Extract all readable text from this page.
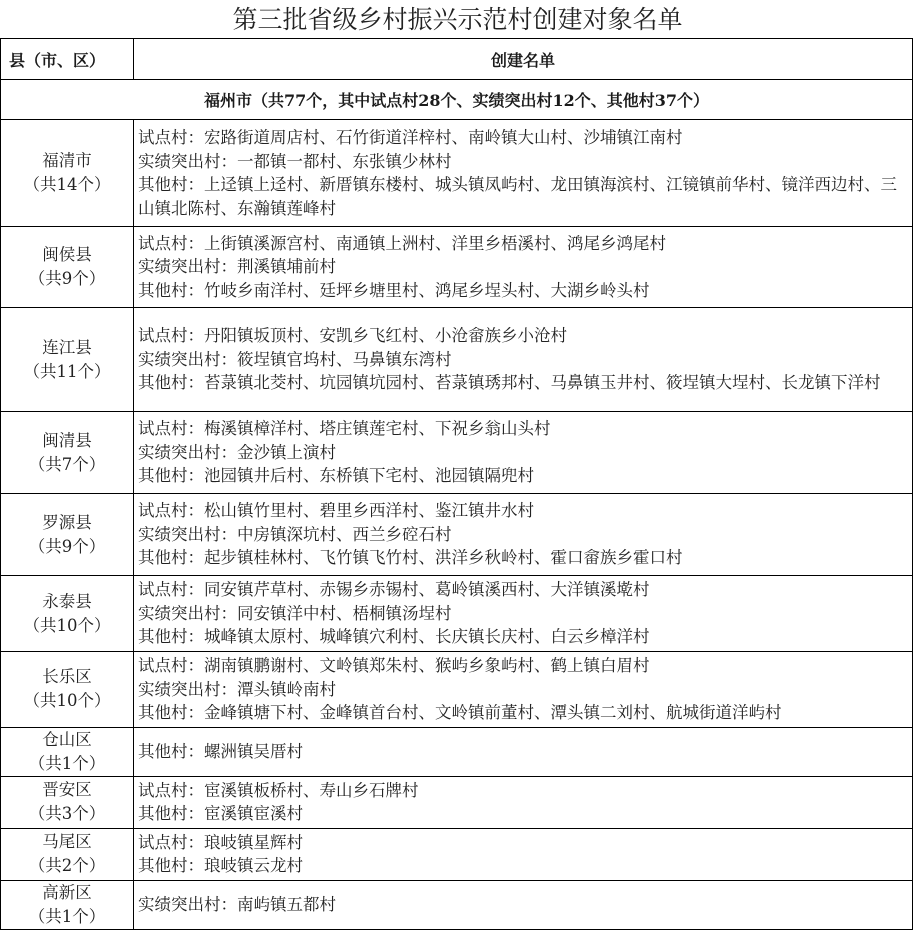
第三批省级乡村振兴示范村创建对象名单
县（市、区）	创建名单
福州市（共77个，其中试点村28个、实绩突出村12个、其他村37个）	

福清市
（共14个）	试点村：宏路街道周店村、石竹街道洋梓村、南岭镇大山村、沙埔镇江南村
实绩突出村：一都镇一都村、东张镇少林村
其他村：上迳镇上迳村、新厝镇东楼村、城头镇凤屿村、龙田镇海滨村、江镜镇前华村、镜洋西边村、三山镇北陈村、东瀚镇莲峰村

闽侯县
（共9个）	试点村：上街镇溪源宫村、南通镇上洲村、洋里乡梧溪村、鸿尾乡鸿尾村
实绩突出村：荆溪镇埔前村
其他村：竹岐乡南洋村、廷坪乡塘里村、鸿尾乡埕头村、大湖乡岭头村

连江县
（共11个）	试点村：丹阳镇坂顶村、安凯乡飞红村、小沧畲族乡小沧村
实绩突出村：筱埕镇官坞村、马鼻镇东湾村
其他村：苔菉镇北茭村、坑园镇坑园村、苔菉镇琇邦村、马鼻镇玉井村、筱埕镇大埕村、长龙镇下洋村

闽清县
（共7个）	试点村：梅溪镇樟洋村、塔庄镇莲宅村、下祝乡翁山头村
实绩突出村：金沙镇上演村
其他村：池园镇井后村、东桥镇下宅村、池园镇隔兜村

罗源县
（共9个）	试点村：松山镇竹里村、碧里乡西洋村、鉴江镇井水村
实绩突出村：中房镇深坑村、西兰乡硿石村
其他村：起步镇桂林村、飞竹镇飞竹村、洪洋乡秋岭村、霍口畲族乡霍口村

永泰县
（共10个）	试点村：同安镇芹草村、赤锡乡赤锡村、葛岭镇溪西村、大洋镇溪墘村
实绩突出村：同安镇洋中村、梧桐镇汤埕村
其他村：城峰镇太原村、城峰镇穴利村、长庆镇长庆村、白云乡樟洋村

长乐区
（共10个）	试点村：湖南镇鹏谢村、文岭镇郑朱村、猴屿乡象屿村、鹤上镇白眉村
实绩突出村：潭头镇岭南村
其他村：金峰镇塘下村、金峰镇首台村、文岭镇前董村、潭头镇二刘村、航城街道洋屿村

仓山区
（共1个）	其他村：螺洲镇吴厝村

晋安区
（共3个）	试点村：宦溪镇板桥村、寿山乡石牌村
其他村：宦溪镇宦溪村

马尾区
（共2个）	试点村：琅岐镇星辉村
其他村：琅岐镇云龙村

高新区
（共1个）	实绩突出村：南屿镇五都村
